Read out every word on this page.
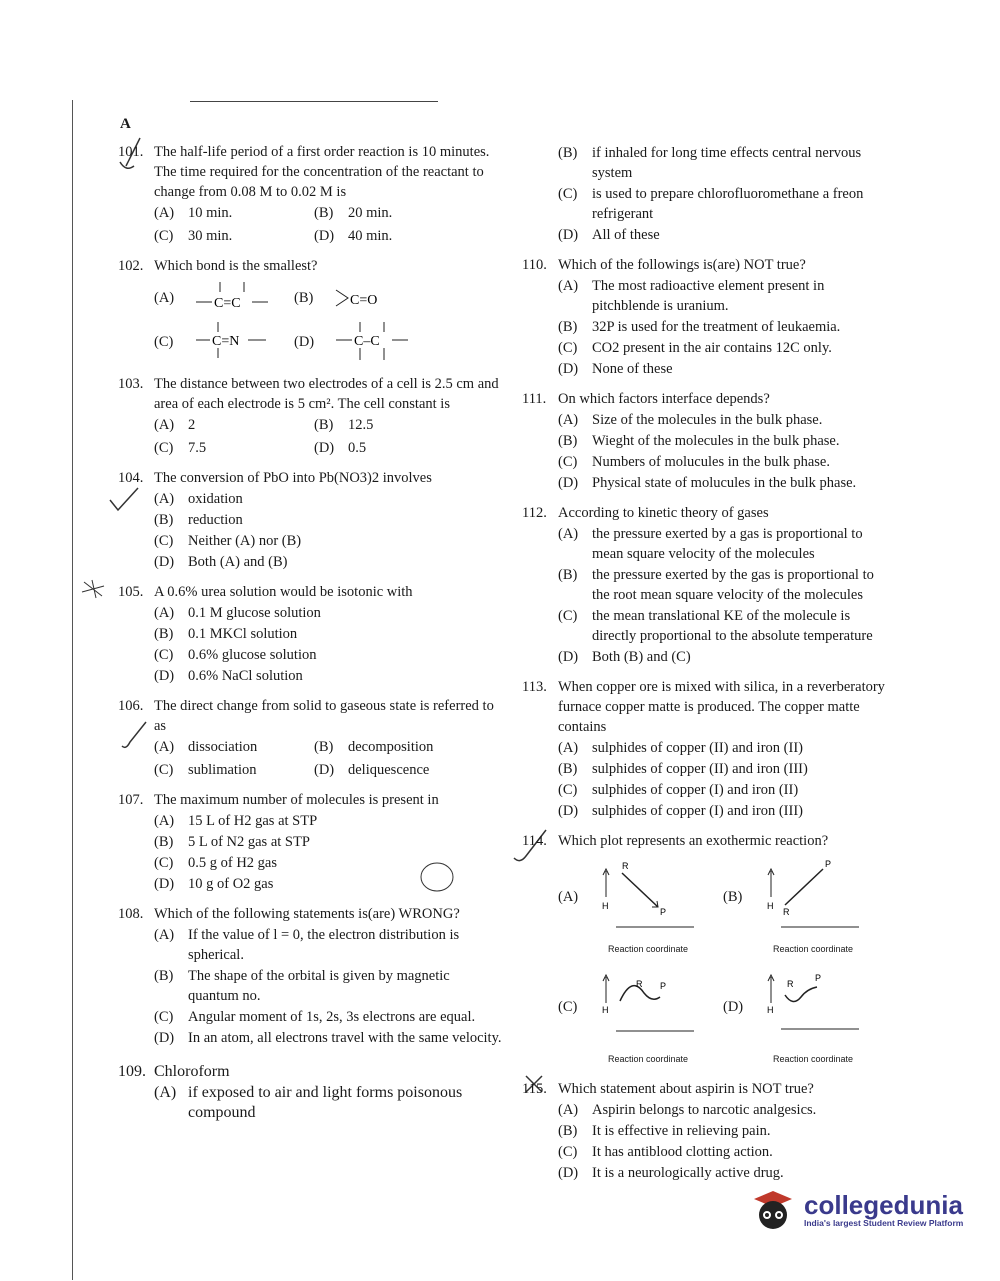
A
101. The half-life period of a first order reaction is 10 minutes. The time required for the concentration of the reactant to change from 0.08 M to 0.02 M is
(A) 10 min.	(B)	20 min.
(C)	30 min.	(D) 40 min.
102. Which bond is the smallest?
(A)	C=C	(B)	C=O
(C)	C=N	(D)	C–C
103. The distance between two electrodes of a cell is 2.5 cm and area of each electrode is 5 cm². The cell constant is
(A) 2	(B)	12.5
(C)	7.5	(D) 0.5
104. The conversion of PbO into Pb(NO3)2 involves
(A) oxidation
(B)	reduction
(C)	Neither (A) nor (B)
(D) Both (A) and (B)
105. A 0.6% urea solution would be isotonic with
(A) 0.1 M glucose solution
(B)	0.1 MKCl solution
(C)	0.6% glucose solution
(D) 0.6% NaCl solution
106. The direct change from solid to gaseous state is referred to as
(A) dissociation	(B)	decomposition
(C)	sublimation	(D) deliquescence
107. The maximum number of molecules is present in
(A) 15 L of H2 gas at STP
(B)	5 L of N2 gas at STP
(C)	0.5 g of H2 gas
(D) 10 g of O2 gas
108. Which of the following statements is(are) WRONG?
(A) If the value of l = 0, the electron distribution is spherical.
(B)	The shape of the orbital is given by magnetic quantum no.
(C)	Angular moment of 1s, 2s, 3s electrons are equal.
(D) In an atom, all electrons travel with the same velocity.
109. Chloroform
(A) if exposed to air and light forms poisonous compound
(B)	if inhaled for long time effects central nervous system
(C)	is used to prepare chlorofluoromethane a freon refrigerant
(D) All of these
110. Which of the followings is(are) NOT true?
(A) The most radioactive element present in pitchblende is uranium.
(B)	32P is used for the treatment of leukaemia.
(C)	CO2 present in the air contains 12C only.
(D) None of these
111. On which factors interface depends?
(A) Size of the molecules in the bulk phase.
(B)	Wieght of the molecules in the bulk phase.
(C)	Numbers of molucules in the bulk phase.
(D) Physical state of molucules in the bulk phase.
112. According to kinetic theory of gases
(A) the pressure exerted by a gas is proportional to mean square velocity of the molecules
(B)	the pressure exerted by the gas is proportional to the root mean square velocity of the molecules
(C)	the mean translational KE of the molecule is directly proportional to the absolute temperature
(D) Both (B) and (C)
113. When copper ore is mixed with silica, in a reverberatory furnace copper matte is produced. The copper matte contains
(A) sulphides of copper (II) and iron (II)
(B)	sulphides of copper (II) and iron (III)
(C)	sulphides of copper (I) and iron (II)
(D) sulphides of copper (I) and iron (III)
114. Which plot represents an exothermic reaction?
(A)
H
R
P
Reaction coordinate
(B)
H
R
P
Reaction coordinate
(C)	H
R P
Reaction coordinate
(D)	H
R
P
Reaction coordinate
115. Which statement about aspirin is NOT true?
(A) Aspirin belongs to narcotic analgesics.
(B)	It is effective in relieving pain.
(C)	It has antiblood clotting action.
(D) It is a neurologically active drug.
collegedunia
India's largest Student Review Platform
